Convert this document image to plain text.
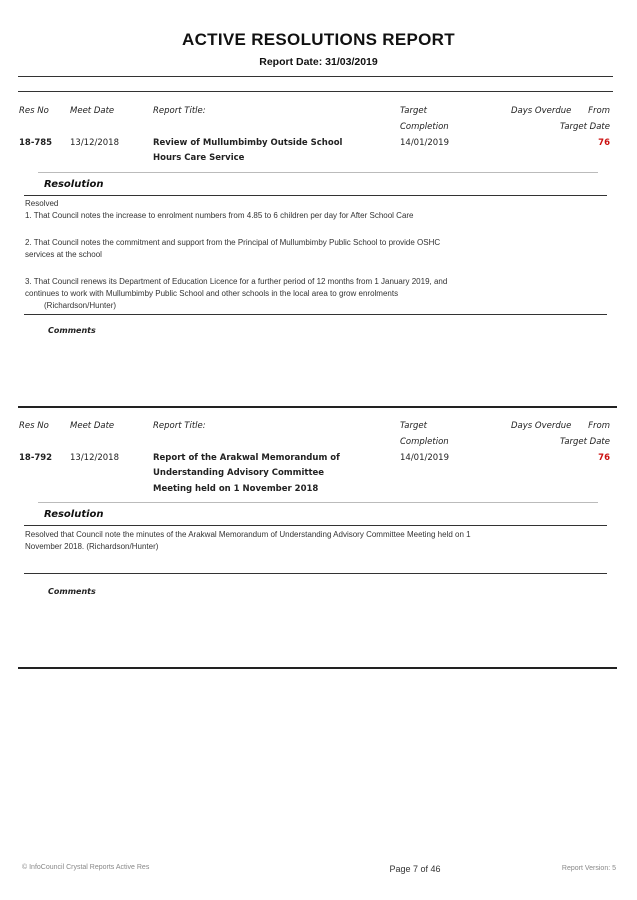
ACTIVE RESOLUTIONS REPORT
Report Date: 31/03/2019
Res No Meet Date	Report Title:	Target
Completion
Days Overdue	From
Target Date
18-785 13/12/2018	Review of Mullumbimby Outside School
Hours Care Service
14/01/2019	76
Resolution
Resolved
1. That Council notes the increase to enrolment numbers from 4.85 to 6 children per day for After School Care
2. That Council notes the commitment and support from the Principal of Mullumbimby Public School to provide OSHC
services at the school
3. That Council renews its Department of Education Licence for a further period of 12 months from 1 January 2019, and
continues to work with Mullumbimby Public School and other schools in the local area to grow enrolments
(Richardson/Hunter)
Comments
Res No Meet Date	Report Title:	Target
Completion
Days Overdue	From
Target Date
18-792 13/12/2018	Report of the Arakwal Memorandum of
Understanding Advisory Committee
Meeting held on 1 November 2018
14/01/2019	76
Resolution
Resolved that Council note the minutes of the Arakwal Memorandum of Understanding Advisory Committee Meeting held on 1
November 2018. (Richardson/Hunter)
Comments
© InfoCouncil Crystal Reports Active Res	Page 7 of 46	Report Version: 5
